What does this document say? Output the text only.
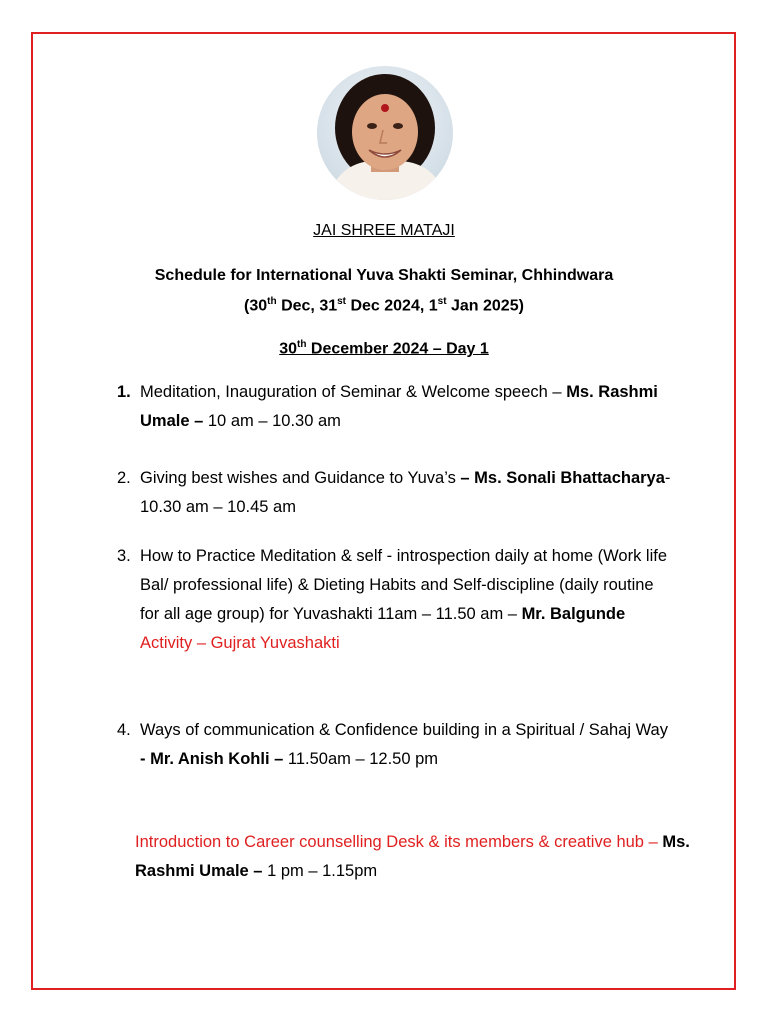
JAI SHREE MATAJI
Schedule for International Yuva Shakti Seminar, Chhindwara
(30th Dec, 31st Dec 2024, 1st Jan 2025)
30th December 2024 – Day 1
1. Meditation, Inauguration of Seminar & Welcome speech – Ms. Rashmi Umale – 10 am – 10.30 am
2. Giving best wishes and Guidance to Yuva’s – Ms. Sonali Bhattacharya- 10.30 am – 10.45 am
3. How to Practice Meditation & self - introspection daily at home (Work life Bal/ professional life) & Dieting Habits and Self-discipline (daily routine for all age group) for Yuvashakti 11am – 11.50 am – Mr. Balgunde
Activity – Gujrat Yuvashakti
4. Ways of communication & Confidence building in a Spiritual / Sahaj Way - Mr. Anish Kohli – 11.50am – 12.50 pm
Introduction to Career counselling Desk & its members & creative hub – Ms. Rashmi Umale – 1 pm – 1.15pm
